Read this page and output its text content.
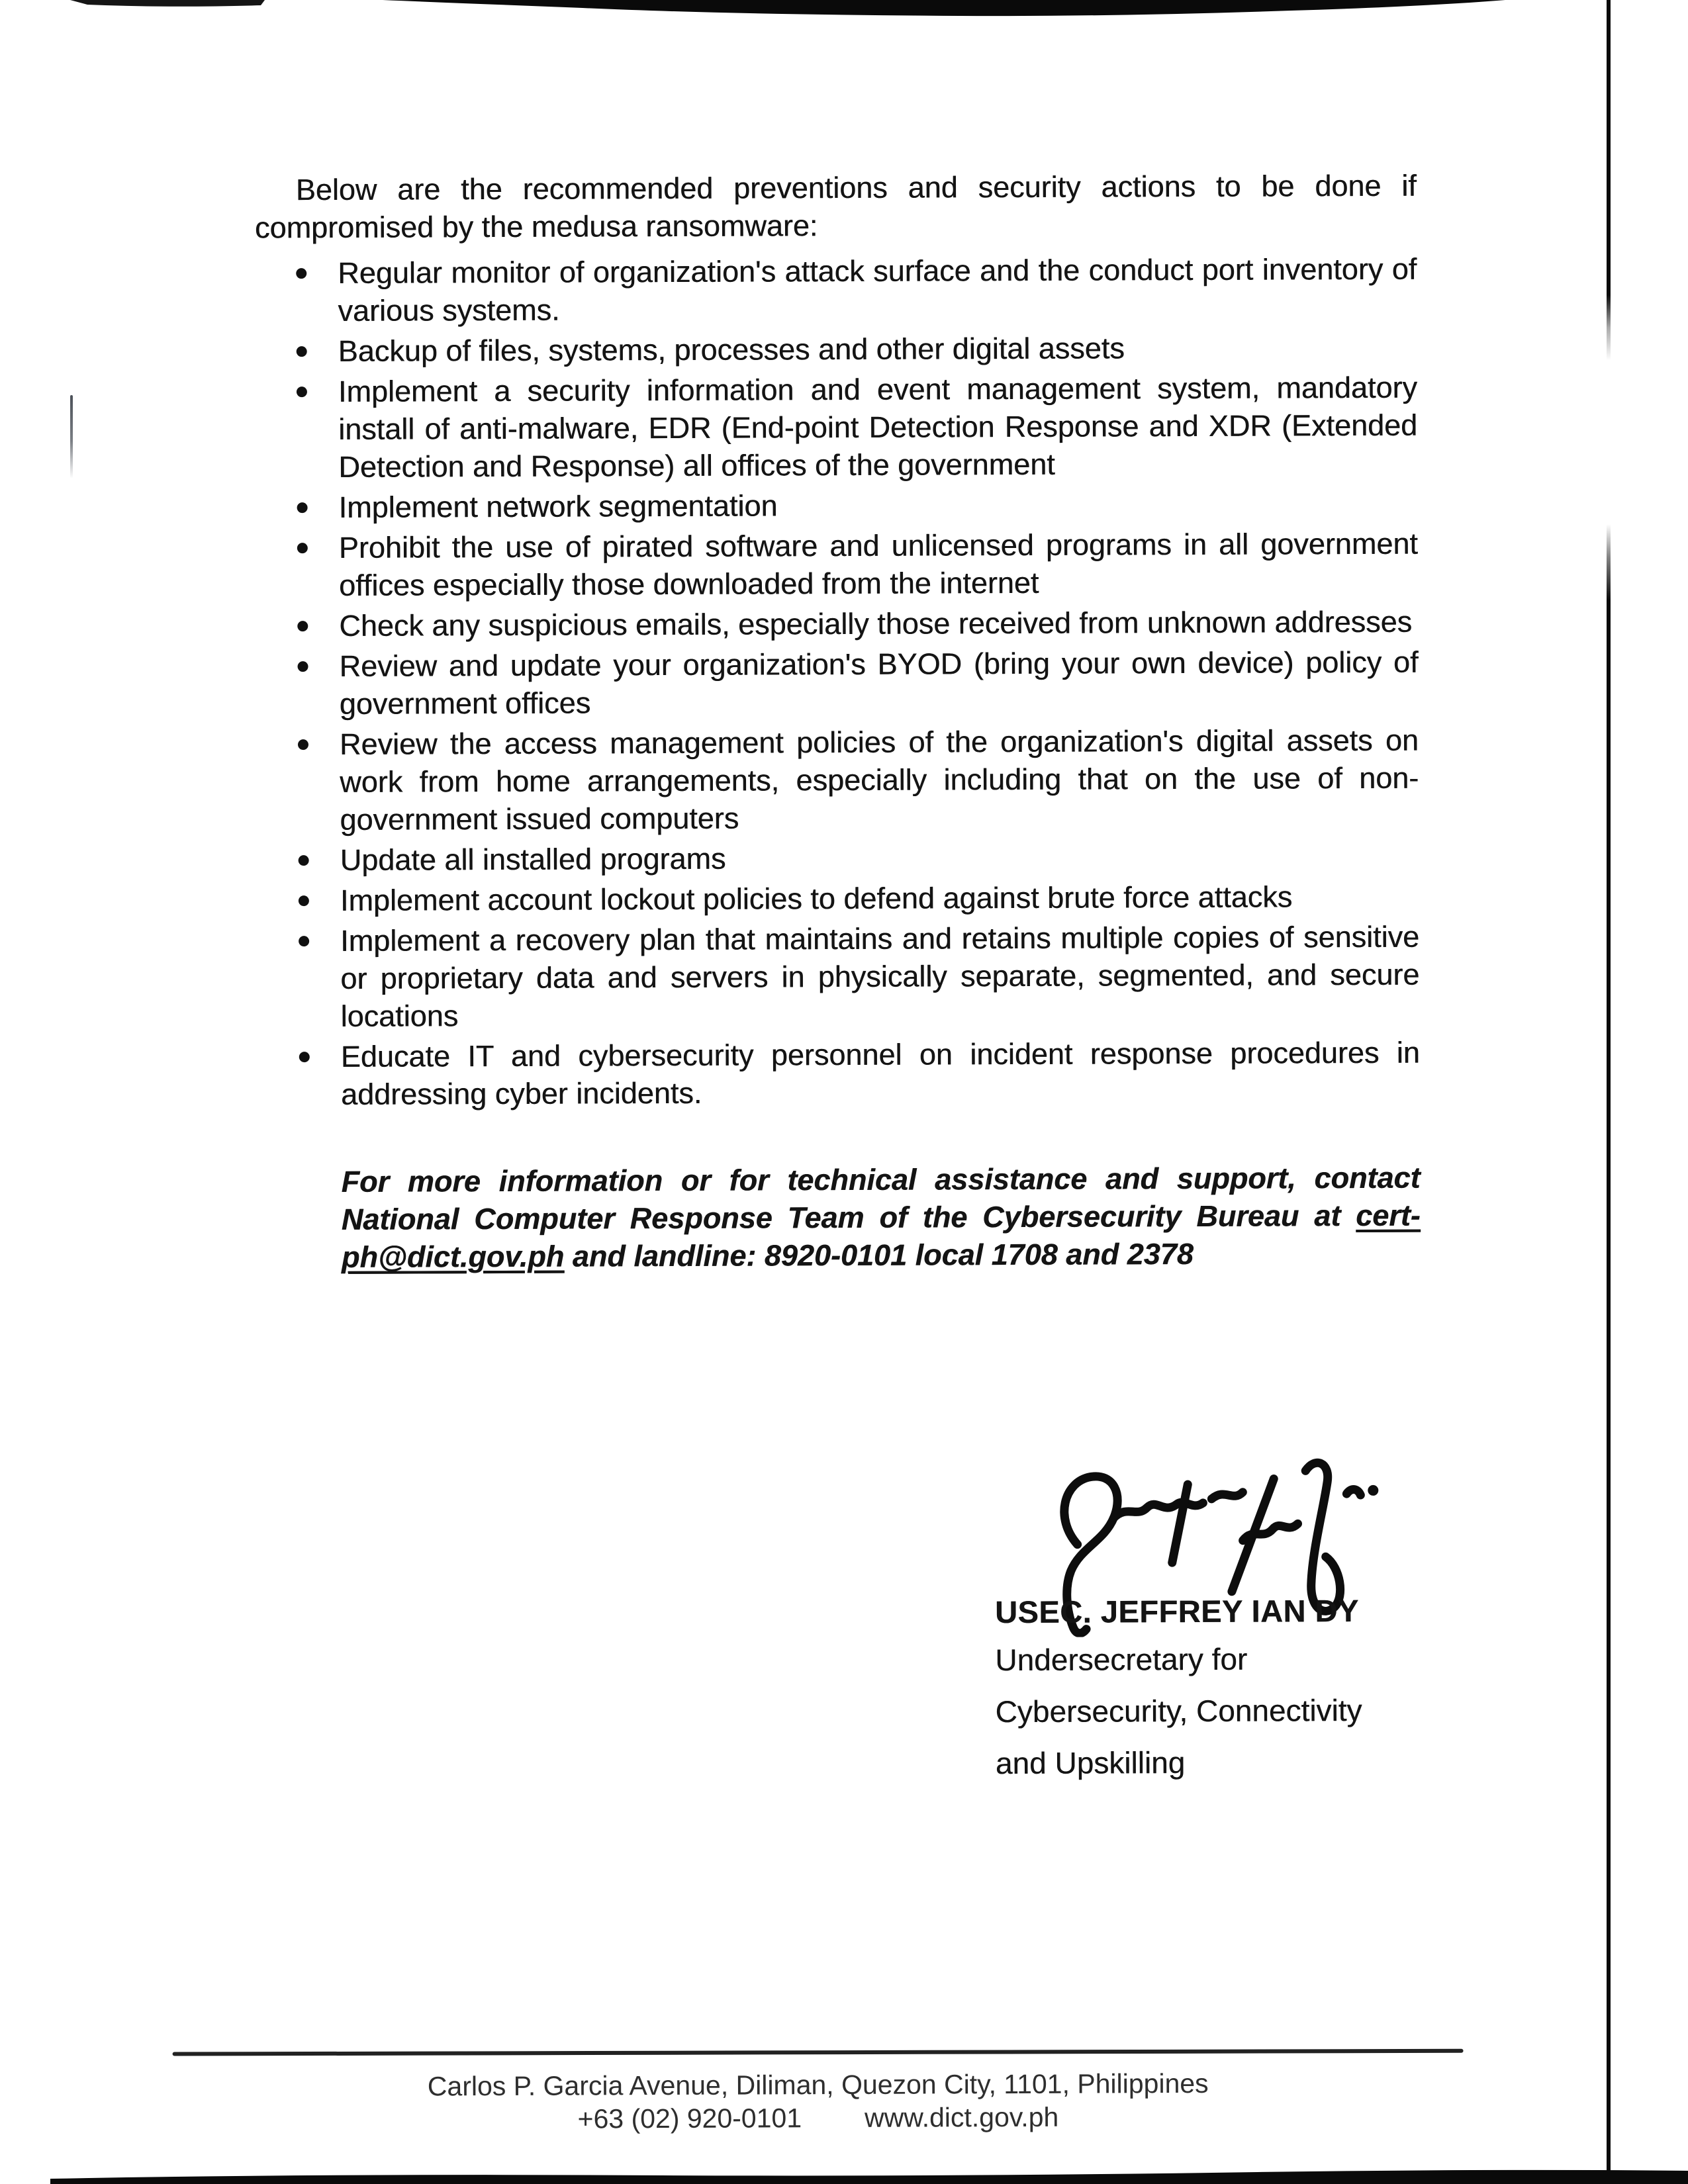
Below are the recommended preventions and security actions to be done if compromised by the medusa ransomware:

Regular monitor of organization's attack surface and the conduct port inventory of various systems.
Backup of files, systems, processes and other digital assets
Implement a security information and event management system, mandatory install of anti-malware, EDR (End-point Detection Response and XDR (Extended Detection and Response) all offices of the government
Implement network segmentation
Prohibit the use of pirated software and unlicensed programs in all government offices especially those downloaded from the internet
Check any suspicious emails, especially those received from unknown addresses
Review and update your organization's BYOD (bring your own device) policy of government offices
Review the access management policies of the organization's digital assets on work from home arrangements, especially including that on the use of non-government issued computers
Update all installed programs
Implement account lockout policies to defend against brute force attacks
Implement a recovery plan that maintains and retains multiple copies of sensitive or proprietary data and servers in physically separate, segmented, and secure locations
Educate IT and cybersecurity personnel on incident response procedures in addressing cyber incidents.

For more information or for technical assistance and support, contact National Computer Response Team of the Cybersecurity Bureau at cert-ph@dict.gov.ph and landline: 8920-0101 local 1708 and 2378

USEC. JEFFREY IAN DY
Undersecretary for
Cybersecurity, Connectivity
and Upskilling
Carlos P. Garcia Avenue, Diliman, Quezon City, 1101, Philippines
+63 (02) 920-0101 www.dict.gov.ph
